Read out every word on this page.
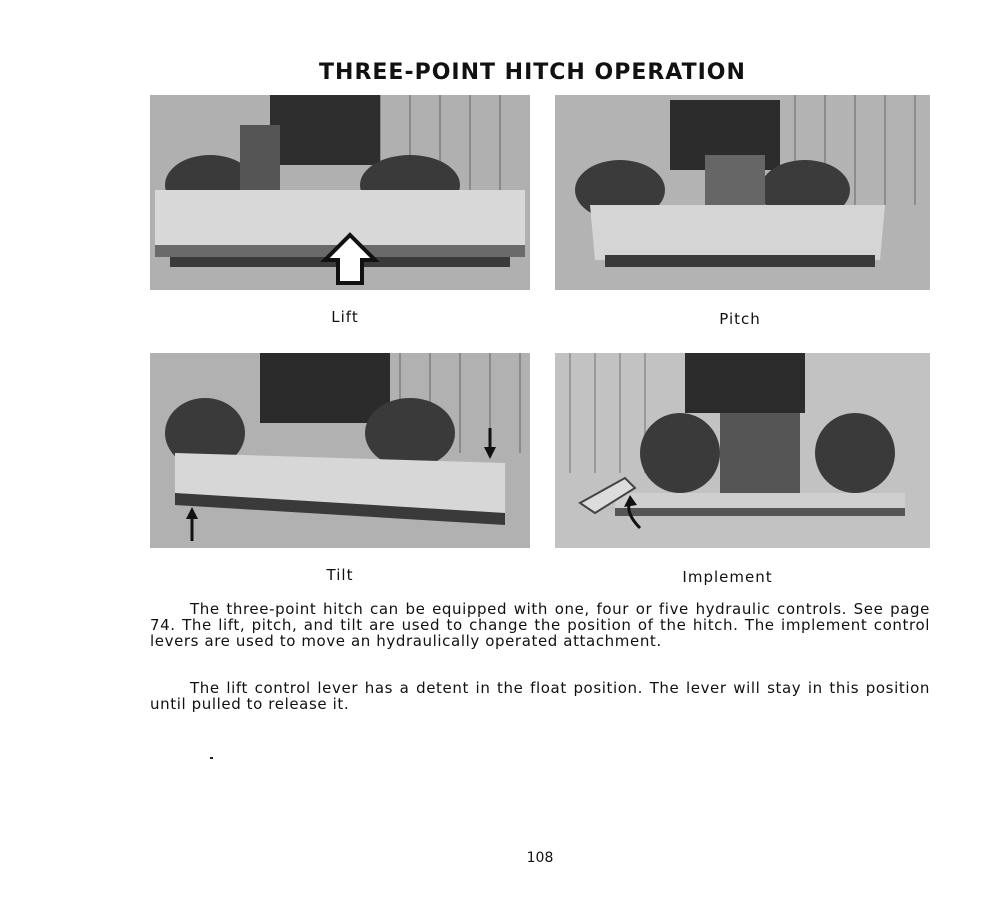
THREE-POINT HITCH OPERATION
Lift	Pitch
Tilt	Implement

The three-point hitch can be equipped with one, four or five hydraulic controls. See page 74. The lift, pitch, and tilt are used to change the position of the hitch. The implement control levers are used to move an hydraulically operated attachment.

The lift control lever has a detent in the float position. The lever will stay in this position until pulled to release it.

108
